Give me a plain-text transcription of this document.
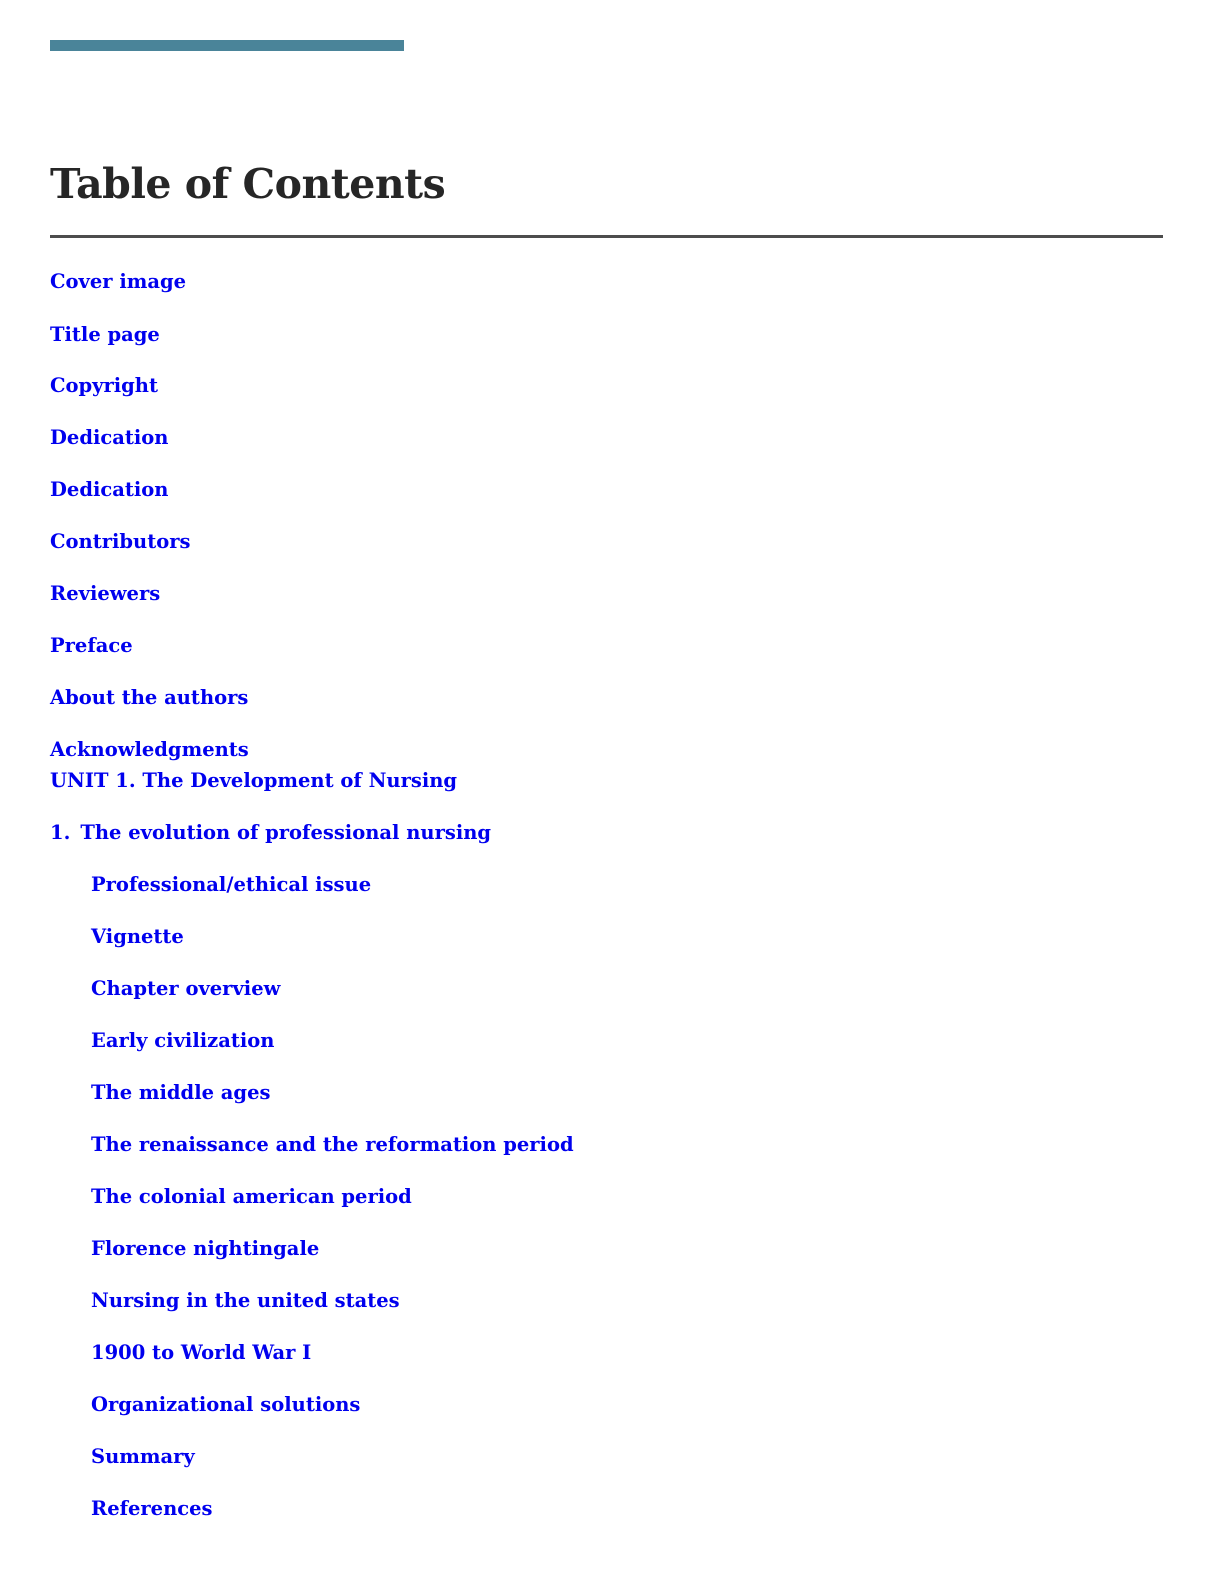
Table of Contents
Cover image
Title page
Copyright
Dedication
Dedication
Contributors
Reviewers
Preface
About the authors
Acknowledgments
UNIT 1. The Development of Nursing
1. The evolution of professional nursing
Professional/ethical issue
Vignette
Chapter overview
Early civilization
The middle ages
The renaissance and the reformation period
The colonial american period
Florence nightingale
Nursing in the united states
1900 to World War I
Organizational solutions
Summary
References
